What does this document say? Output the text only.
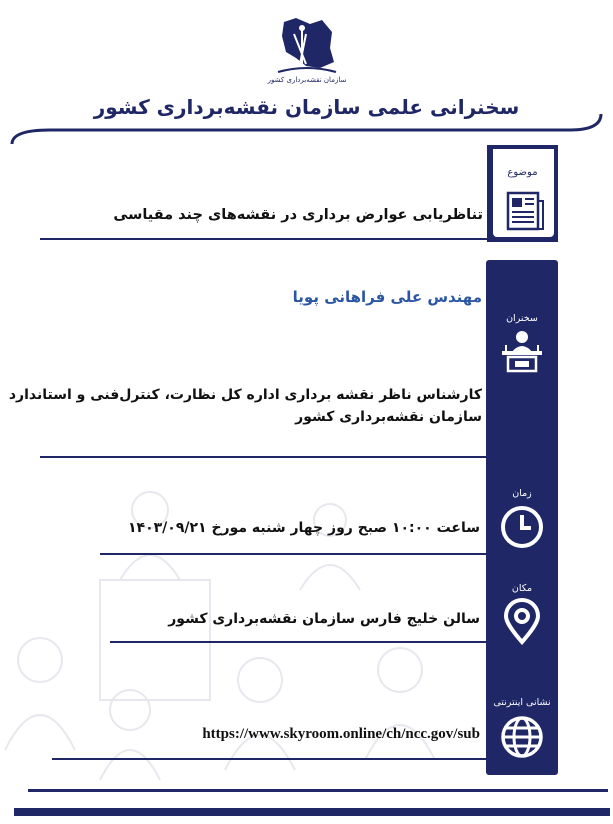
سازمان نقشه‌برداری کشور
سخنرانی علمی سازمان نقشه‌برداری کشور
موضوع
تناظریابی عوارض برداری در نقشه‌های چند مقیاسی
سخنران
زمان
مکان
نشانی اینترنتی
مهندس علی فراهانی پویا
کارشناس ناظر نقشه برداری اداره کل نظارت، کنترل‌فنی و استاندارد
سازمان نقشه‌برداری کشور
ساعت ۱۰:۰۰ صبح روز چهار شنبه مورخ ۱۴۰۳/۰۹/۲۱
سالن خلیج فارس سازمان نقشه‌برداری کشور
https://www.skyroom.online/ch/ncc.gov/sub
